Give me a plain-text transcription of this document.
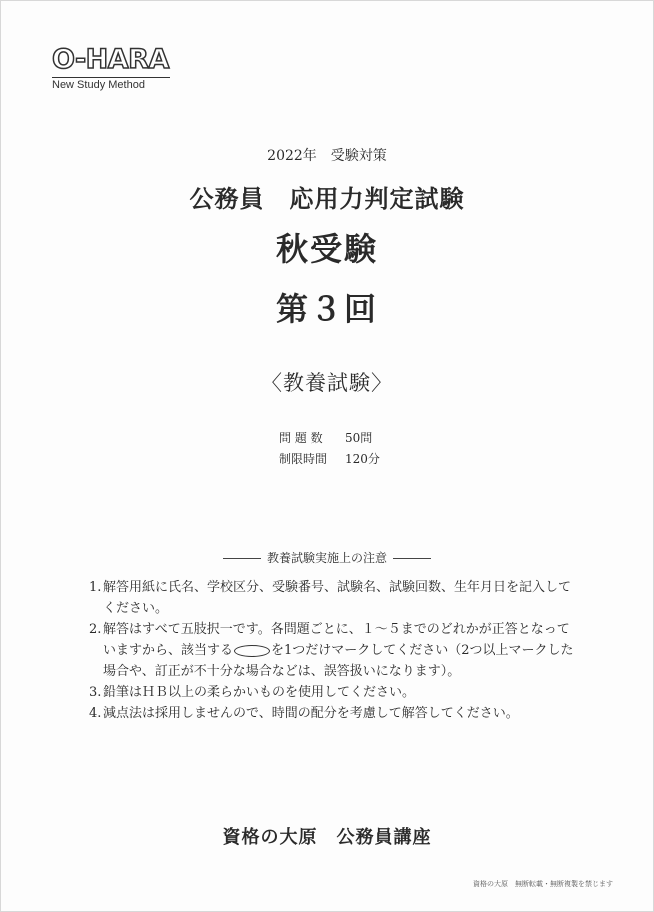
O-HARA
New Study Method
2022年　受験対策
公務員　応用力判定試験
秋受験
第３回
〈教養試験〉
問 題 数 50問
制限時間 120分
教養試験実施上の注意
1. 解答用紙に氏名、学校区分、受験番号、試験名、試験回数、生年月日を記入してください。
2. 解答はすべて五肢択一です。各問題ごとに、１～５までのどれかが正答となっていますから、該当する	を1つだけマークしてください（2つ以上マークした場合や、訂正が不十分な場合などは、誤答扱いになります）。
3. 鉛筆はＨＢ以上の柔らかいものを使用してください。
4. 減点法は採用しませんので、時間の配分を考慮して解答してください。
資格の大原　公務員講座
資格の大原　無断転載・無断複製を禁じます
